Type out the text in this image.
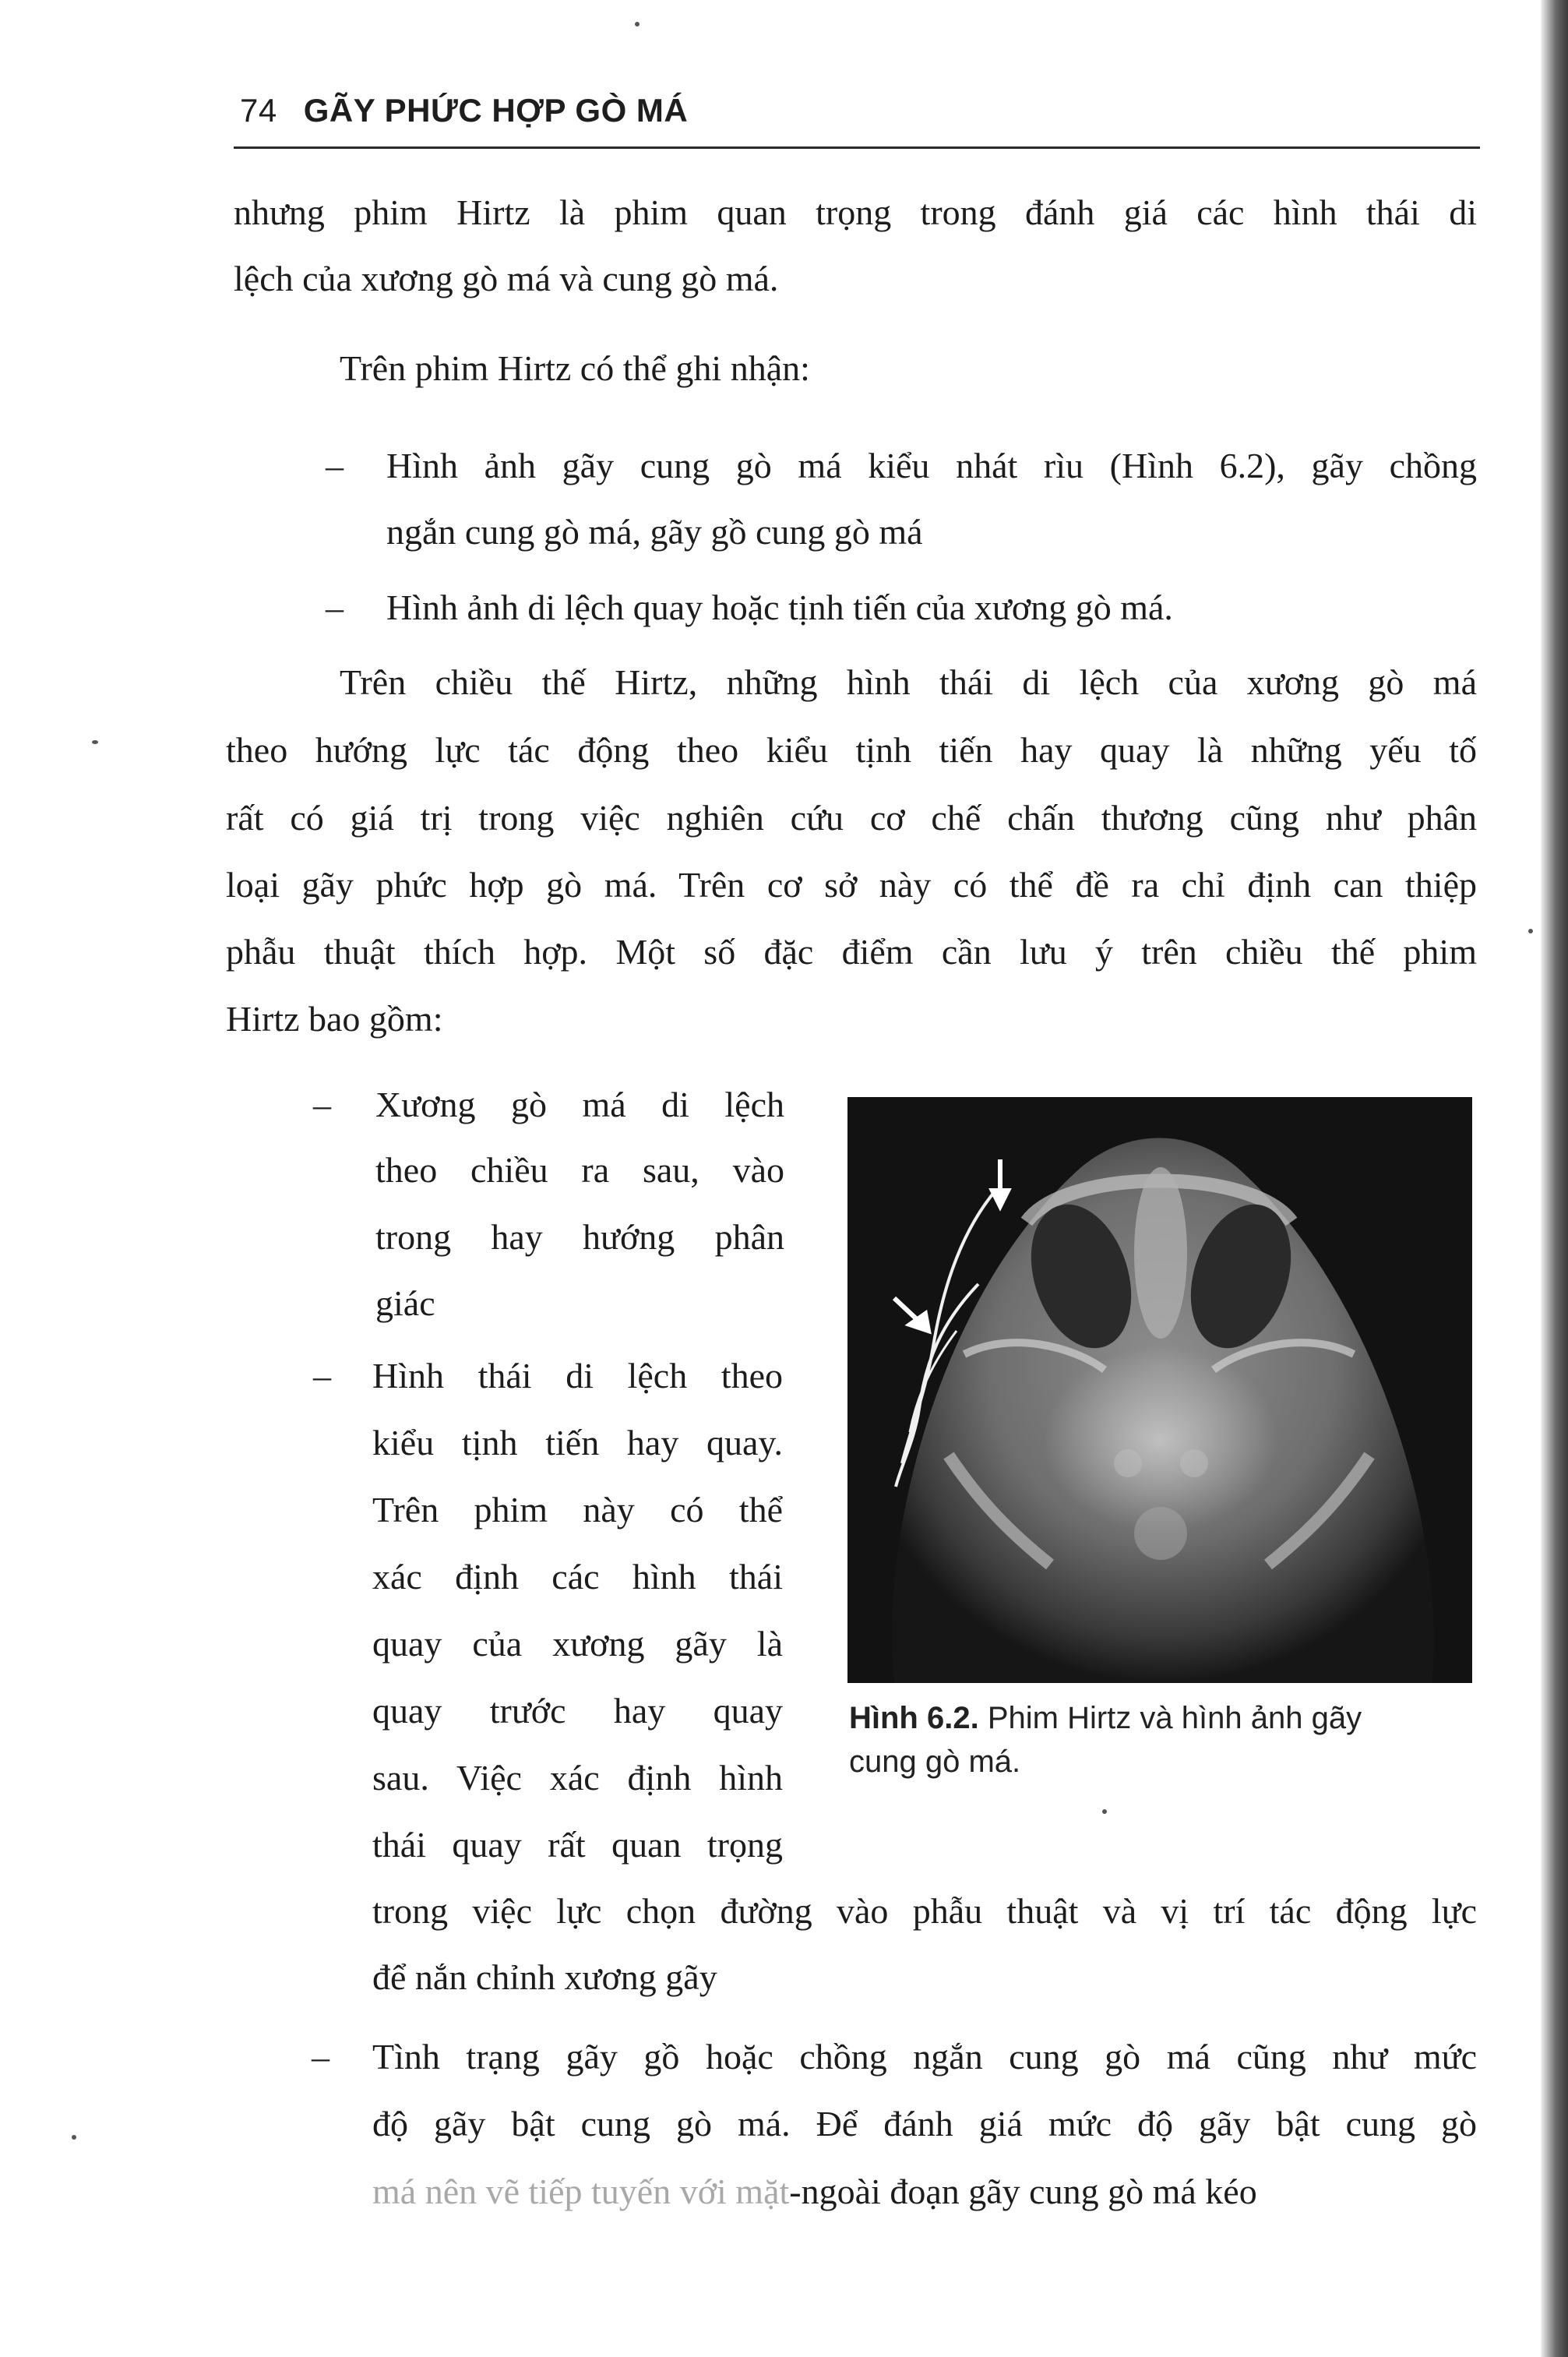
74 GÃY PHỨC HỢP GÒ MÁ
nhưng phim Hirtz là phim quan trọng trong đánh giá các hình thái di
lệch của xương gò má và cung gò má.
Trên phim Hirtz có thể ghi nhận:
– Hình ảnh gãy cung gò má kiểu nhát rìu (Hình 6.2), gãy chồng
ngắn cung gò má, gãy gồ cung gò má
– Hình ảnh di lệch quay hoặc tịnh tiến của xương gò má.
Trên chiều thế Hirtz, những hình thái di lệch của xương gò má
theo hướng lực tác động theo kiểu tịnh tiến hay quay là những yếu tố
rất có giá trị trong việc nghiên cứu cơ chế chấn thương cũng như phân
loại gãy phức hợp gò má. Trên cơ sở này có thể đề ra chỉ định can thiệp
phẫu thuật thích hợp. Một số đặc điểm cần lưu ý trên chiều thế phim
Hirtz bao gồm:
– Xương gò má di lệch
theo chiều ra sau, vào
trong hay hướng phân
giác
– Hình thái di lệch theo
kiểu tịnh tiến hay quay.
Trên phim này có thể
xác định các hình thái
quay của xương gãy là
quay trước hay quay
sau. Việc xác định hình
thái quay rất quan trọng
trong việc lực chọn đường vào phẫu thuật và vị trí tác động lực
để nắn chỉnh xương gãy
– Tình trạng gãy gồ hoặc chồng ngắn cung gò má cũng như mức
độ gãy bật cung gò má. Để đánh giá mức độ gãy bật cung gò
má nên vẽ tiếp tuyến với mặt-ngoài đoạn gãy cung gò má kéo
Hình 6.2. Phim Hirtz và hình ảnh gãy
cung gò má.
